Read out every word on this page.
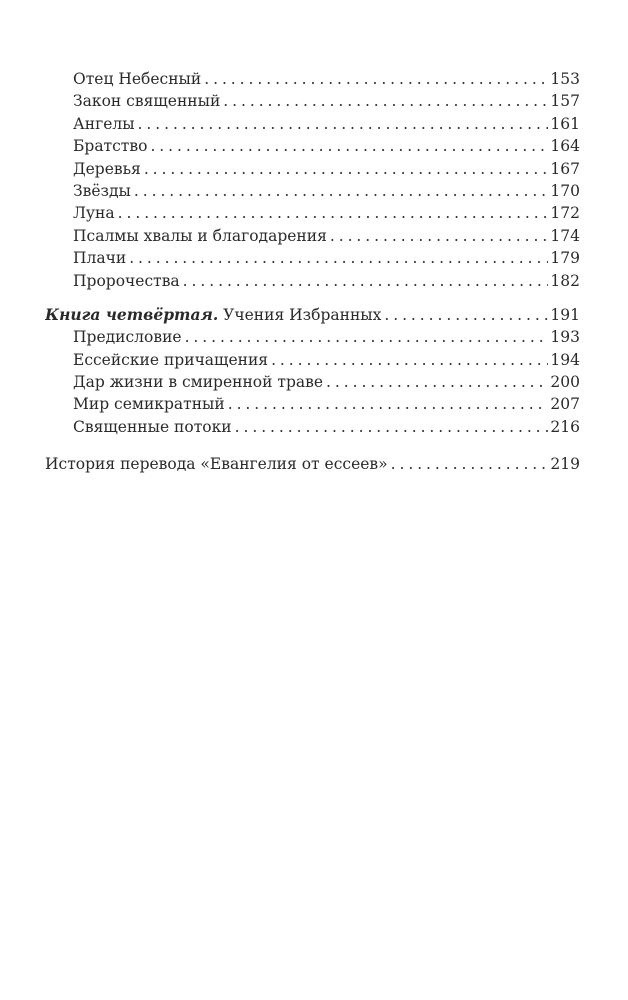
Отец Небесный . . .	153
Закон священный . . .	157
Ангелы . . .	161
Братство . . .	164
Деревья . . .	167
Звёзды . . .	170
Луна . . .	172
Псалмы хвалы и благодарения . . .	174
Плачи . . .	179
Пророчества . . .	182
Книга четвёртая. Учения Избранных . . .	191
Предисловие . . .	193
Ессейские причащения . . .	194
Дар жизни в смиренной траве . . .	200
Мир семикратный . . .	207
Священные потоки . . .	216
История перевода «Евангелия от ессеев» . . .	219
